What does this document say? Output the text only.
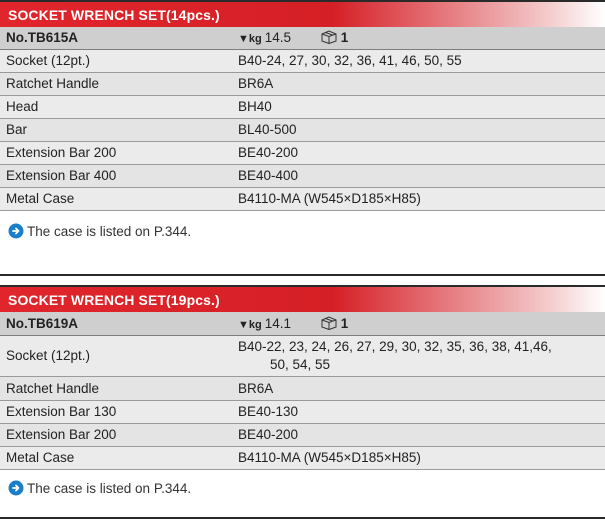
SOCKET WRENCH SET(14pcs.)
No.TB615A	▼kg 14.5 1
Socket (12pt.)	B40-24, 27, 30, 32, 36, 41, 46, 50, 55
Ratchet Handle	BR6A
Head	BH40
Bar	BL40-500
Extension Bar 200	BE40-200
Extension Bar 400	BE40-400
Metal Case	B4110-MA (W545×D185×H85)
The case is listed on P.344.
SOCKET WRENCH SET(19pcs.)
No.TB619A	▼kg 14.1 1
Socket (12pt.)	B40-22, 23, 24, 26, 27, 29, 30, 32, 35, 36, 38, 41,46,
50, 54, 55

Ratchet Handle	BR6A
Extension Bar 130	BE40-130
Extension Bar 200	BE40-200
Metal Case	B4110-MA (W545×D185×H85)
The case is listed on P.344.
